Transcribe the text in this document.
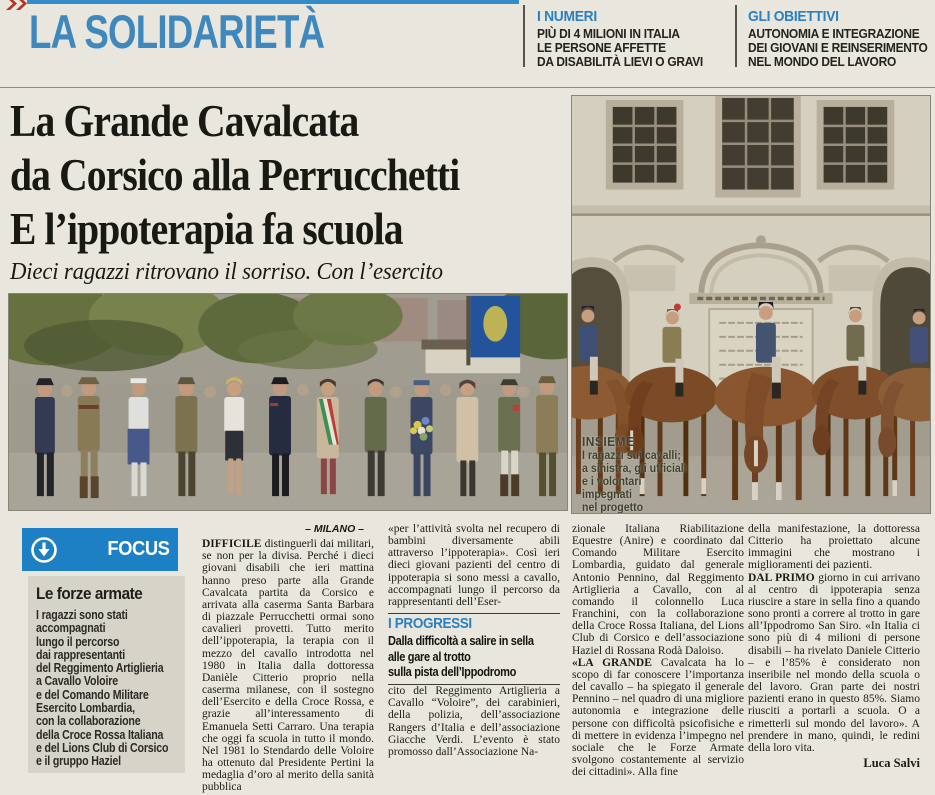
LA SOLIDARIETÀ	I NUMERI
PIÙ DI 4 MILIONI IN ITALIA
LE PERSONE AFFETTE
DA DISABILITÀ LIEVI O GRAVI
GLI OBIETTIVI
AUTONOMIA E INTEGRAZIONE
DEI GIOVANI E REINSERIMENTO
NEL MONDO DEL LAVORO
La Grande Cavalcata
da Corsico alla Perrucchetti
E l’ippoterapia fa scuola
Dieci ragazzi ritrovano il sorriso. Con l’esercito
INSIEME
I ragazzi sui cavalli;
a sinistra, gli ufficiali
e i volontari
impegnati
nel progetto
FOCUS
Le forze armate
I ragazzi sono stati
accompagnati
lungo il percorso
dai rappresentanti
del Reggimento Artiglieria
a Cavallo Voloire
e del Comando Militare
Esercito Lombardia,
con la collaborazione
della Croce Rossa Italiana
e del Lions Club di Corsico
e il gruppo Haziel
– MILANO –

DIFFICILE distinguerli dai militari, se non per la divisa. Perché i dieci giovani disabili che ieri mattina hanno preso parte alla Grande Cavalcata partita da Corsico e arrivata alla caserma Santa Barbara di piazzale Perrucchetti ormai sono cavalieri provetti. Tutto merito dell’ippoterapia, la terapia con il mezzo del cavallo introdotta nel 1980 in Italia dalla dottoressa Danièle Citterio proprio nella caserma milanese, con il sostegno dell’Esercito e della Croce Rossa, e grazie all’interessamento di Emanuela Setti Carraro. Una terapia che oggi fa scuola in tutto il mondo. Nel 1981 lo Stendardo delle Voloire ha ottenuto dal Presidente Pertini la medaglia d’oro al merito della sanità pubblica

«per l’attività svolta nel recupero di bambini diversamente abili attraverso l’ippoterapia». Così ieri dieci giovani pazienti del centro di ippoterapia si sono messi a cavallo, accompagnati lungo il percorso da rappresentanti dell’Eser-

I PROGRESSI
Dalla difficoltà a salire in sella
alle gare al trotto
sulla pista dell’Ippodromo

cito del Reggimento Artiglieria a Cavallo “Voloire”, dei carabinieri, della polizia, dell’associazione Rangers d’Italia e dell’associazione Giacche Verdi. L’evento è stato promosso dall’Associazione Na-

zionale Italiana Riabilitazione Equestre (Anire) e coordinato dal Comando Militare Esercito Lombardia, guidato dal generale Antonio Pennino, dal Reggimento Artiglieria a Cavallo, con al comando il colonnello Luca Franchini, con la collaborazione della Croce Rossa Italiana, del Lions Club di Corsico e dell’associazione Haziel di Rossana Rodà Daloiso.

«LA GRANDE Cavalcata ha lo scopo di far conoscere l’importanza del cavallo – ha spiegato il generale Pennino – nel quadro di una migliore autonomia e integrazione delle persone con difficoltà psicofisiche e di mettere in evidenza l’impegno nel sociale che le Forze Armate svolgono costantemente al servizio dei cittadini». Alla fine

della manifestazione, la dottoressa Citterio ha proiettato alcune immagini che mostrano i miglioramenti dei pazienti.

DAL PRIMO giorno in cui arrivano al centro di ippoterapia senza riuscire a stare in sella fino a quando sono pronti a correre al trotto in gare all’Ippodromo San Siro. «In Italia ci sono più di 4 milioni di persone disabili – ha rivelato Daniele Citterio – e l’85% è considerato non inseribile nel mondo della scuola o del lavoro. Gran parte dei nostri pazienti erano in questo 85%. Siamo riusciti a portarli a scuola. O a rimetterli sul mondo del lavoro». A prendere in mano, quindi, le redini della loro vita.

Luca Salvi
